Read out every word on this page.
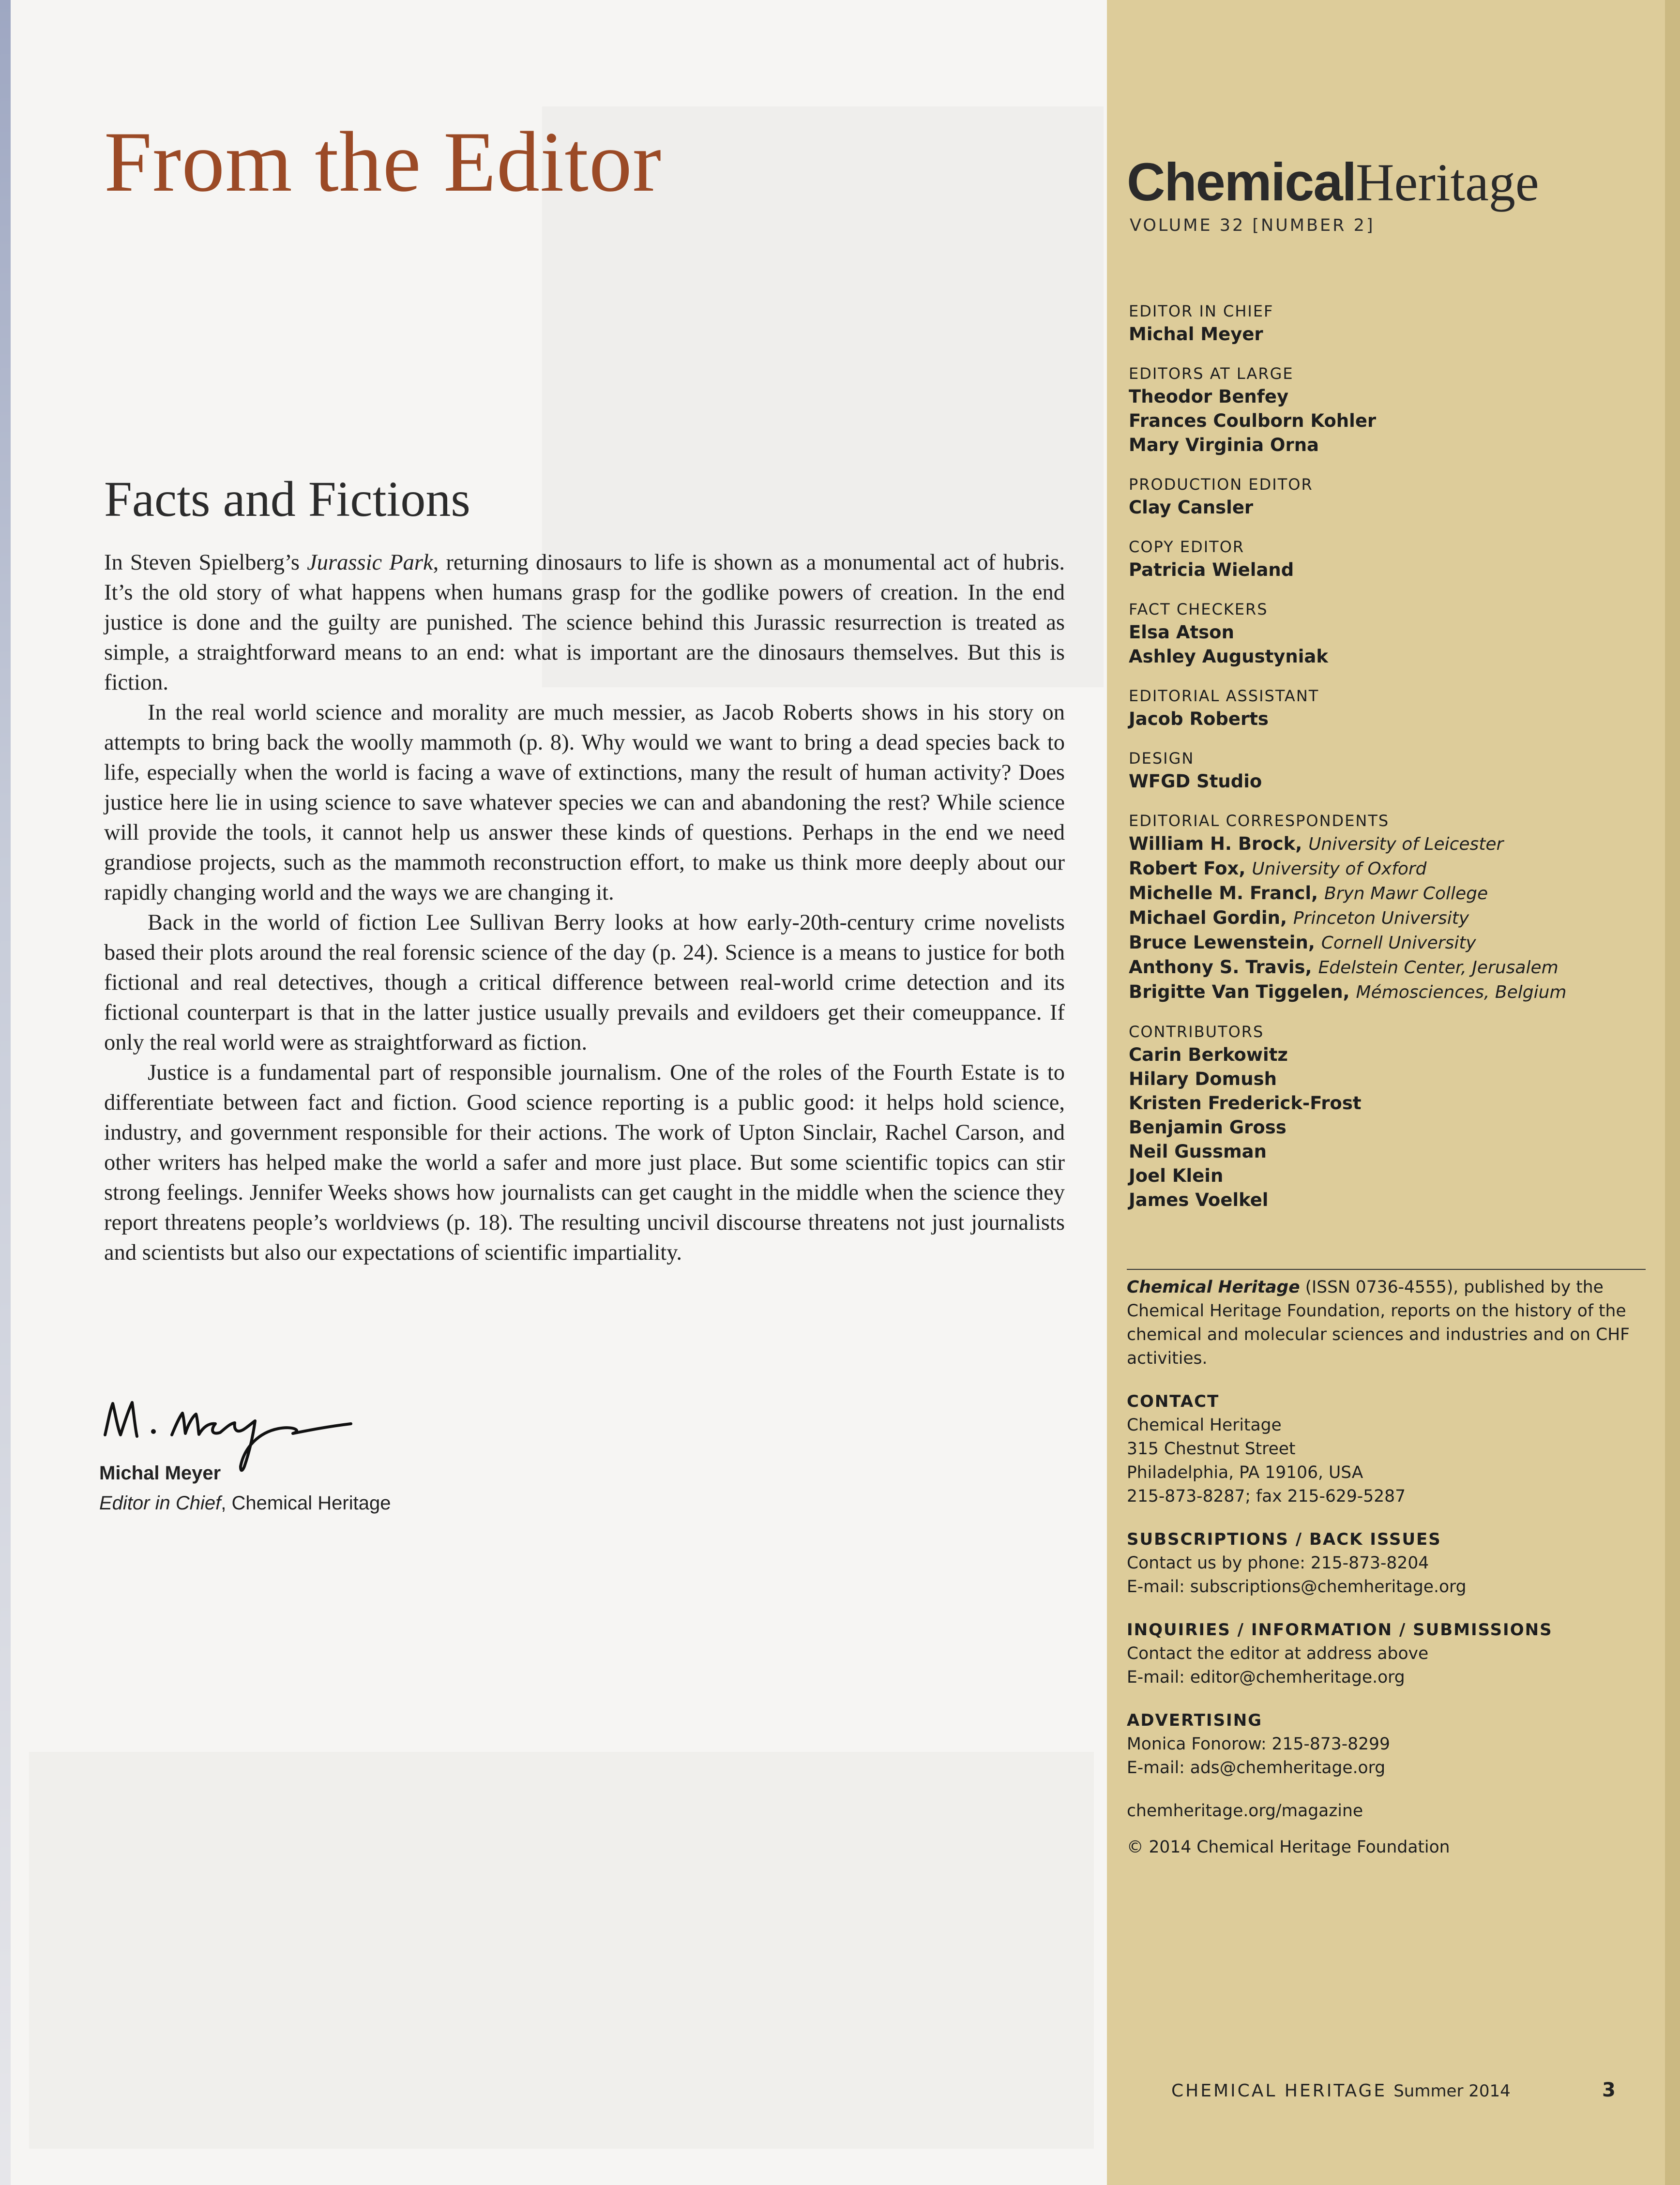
From the Editor
Facts and Fictions

In Steven Spielberg’s Jurassic Park, returning dinosaurs to life is shown as a monumental act of hubris. It’s the old story of what happens when humans grasp for the godlike powers of creation. In the end justice is done and the guilty are punished. The science behind this Jurassic resurrection is treated as simple, a straightforward means to an end: what is important are the dinosaurs themselves. But this is fiction.

In the real world science and morality are much messier, as Jacob Roberts shows in his story on attempts to bring back the woolly mammoth (p. 8). Why would we want to bring a dead species back to life, especially when the world is facing a wave of extinctions, many the result of human activity? Does justice here lie in using science to save whatever species we can and abandoning the rest? While science will provide the tools, it cannot help us answer these kinds of questions. Perhaps in the end we need grandiose projects, such as the mammoth reconstruction effort, to make us think more deeply about our rapidly changing world and the ways we are changing it.

Back in the world of fiction Lee Sullivan Berry looks at how early-20th-century crime novelists based their plots around the real forensic science of the day (p. 24). Science is a means to justice for both fictional and real detectives, though a critical difference between real-world crime detection and its fictional counterpart is that in the latter justice usually prevails and evildoers get their comeuppance. If only the real world were as straightforward as fiction.

Justice is a fundamental part of responsible journalism. One of the roles of the Fourth Estate is to differentiate between fact and fiction. Good science reporting is a public good: it helps hold science, industry, and government responsible for their actions. The work of Upton Sinclair, Rachel Carson, and other writers has helped make the world a safer and more just place. But some scientific topics can stir strong feelings. Jennifer Weeks shows how journalists can get caught in the middle when the science they report threatens people’s worldviews (p. 18). The resulting uncivil discourse threatens not just journalists and scientists but also our expectations of scientific impartiality.

M. Meyer
Michal Meyer
Editor in Chief, Chemical Heritage
ChemicalHeritage
VOLUME 32 [NUMBER 2]
EDITOR IN CHIEF
Michal Meyer
EDITORS AT LARGE
Theodor Benfey
Frances Coulborn Kohler
Mary Virginia Orna
PRODUCTION EDITOR
Clay Cansler
COPY EDITOR
Patricia Wieland
FACT CHECKERS
Elsa Atson
Ashley Augustyniak
EDITORIAL ASSISTANT
Jacob Roberts
DESIGN
WFGD Studio
EDITORIAL CORRESPONDENTS
William H. Brock, University of Leicester
Robert Fox, University of Oxford
Michelle M. Francl, Bryn Mawr College
Michael Gordin, Princeton University
Bruce Lewenstein, Cornell University
Anthony S. Travis, Edelstein Center, Jerusalem
Brigitte Van Tiggelen, Mémosciences, Belgium
CONTRIBUTORS
Carin Berkowitz
Hilary Domush
Kristen Frederick-Frost
Benjamin Gross
Neil Gussman
Joel Klein
James Voelkel
Chemical Heritage (ISSN 0736-4555), published by the Chemical Heritage Foundation, reports on the history of the chemical and molecular sciences and industries and on CHF activities.
CONTACT
Chemical Heritage
315 Chestnut Street
Philadelphia, PA 19106, USA
215-873-8287; fax 215-629-5287
SUBSCRIPTIONS / BACK ISSUES
Contact us by phone: 215-873-8204
E-mail: subscriptions@chemheritage.org
INQUIRIES / INFORMATION / SUBMISSIONS
Contact the editor at address above
E-mail: editor@chemheritage.org
ADVERTISING
Monica Fonorow: 215-873-8299
E-mail: ads@chemheritage.org
chemheritage.org/magazine
© 2014 Chemical Heritage Foundation
CHEMICAL HERITAGE Summer 2014	3
